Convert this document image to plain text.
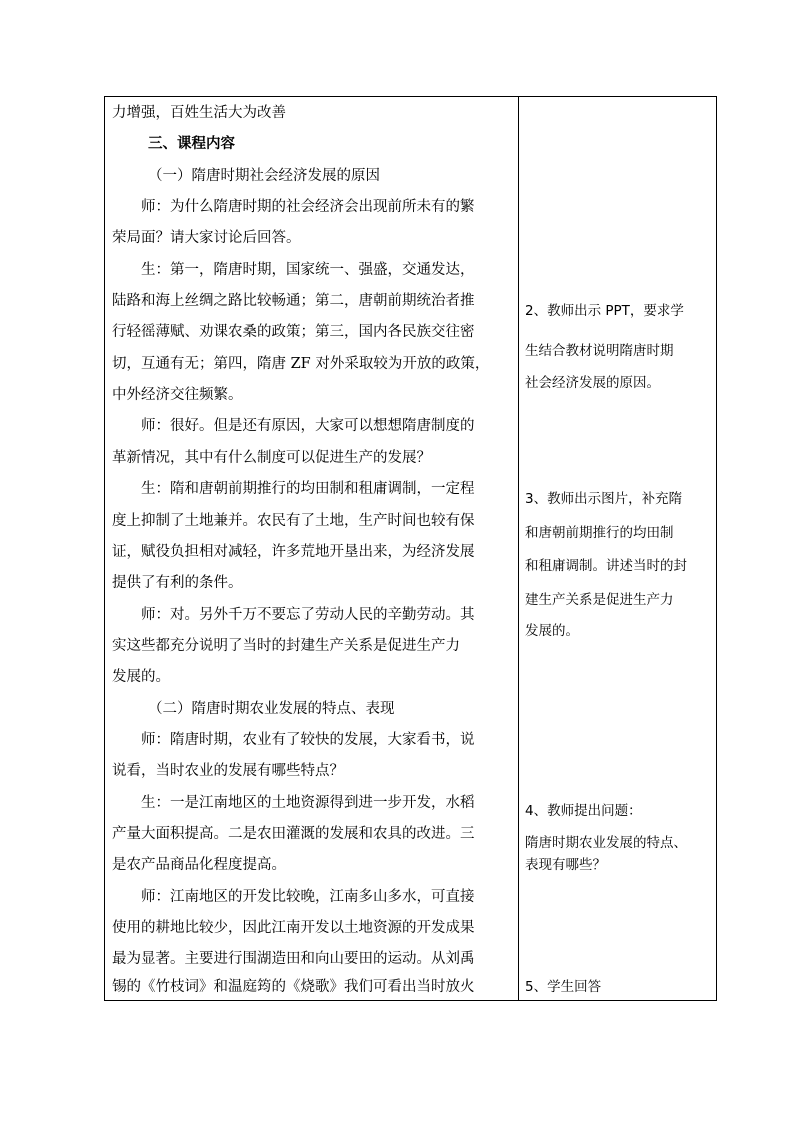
力增强，百姓生活大为改善
三、课程内容
（一）隋唐时期社会经济发展的原因
师：为什么隋唐时期的社会经济会出现前所未有的繁
荣局面？请大家讨论后回答。
生：第一，隋唐时期，国家统一、强盛，交通发达，
陆路和海上丝绸之路比较畅通；第二，唐朝前期统治者推
行轻徭薄赋、劝课农桑的政策；第三，国内各民族交往密
切，互通有无；第四，隋唐 ZF 对外采取较为开放的政策，
中外经济交往频繁。
师：很好。但是还有原因，大家可以想想隋唐制度的
革新情况，其中有什么制度可以促进生产的发展？
生：隋和唐朝前期推行的均田制和租庸调制，一定程
度上抑制了土地兼并。农民有了土地，生产时间也较有保
证，赋役负担相对减轻，许多荒地开垦出来，为经济发展
提供了有利的条件。
师：对。另外千万不要忘了劳动人民的辛勤劳动。其
实这些都充分说明了当时的封建生产关系是促进生产力
发展的。
（二）隋唐时期农业发展的特点、表现
师：隋唐时期，农业有了较快的发展，大家看书，说
说看，当时农业的发展有哪些特点？
生：一是江南地区的土地资源得到进一步开发，水稻
产量大面积提高。二是农田灌溉的发展和农具的改进。三
是农产品商品化程度提高。
师：江南地区的开发比较晚，江南多山多水，可直接
使用的耕地比较少，因此江南开发以土地资源的开发成果
最为显著。主要进行围湖造田和向山要田的运动。从刘禹
锡的《竹枝词》和温庭筠的《烧歌》我们可看出当时放火
2、教师出示 PPT，要求学
生结合教材说明隋唐时期
社会经济发展的原因。
3、教师出示图片，补充隋
和唐朝前期推行的均田制
和租庸调制。讲述当时的封
建生产关系是促进生产力
发展的。
4、教师提出问题：
隋唐时期农业发展的特点、
表现有哪些？
5、学生回答
